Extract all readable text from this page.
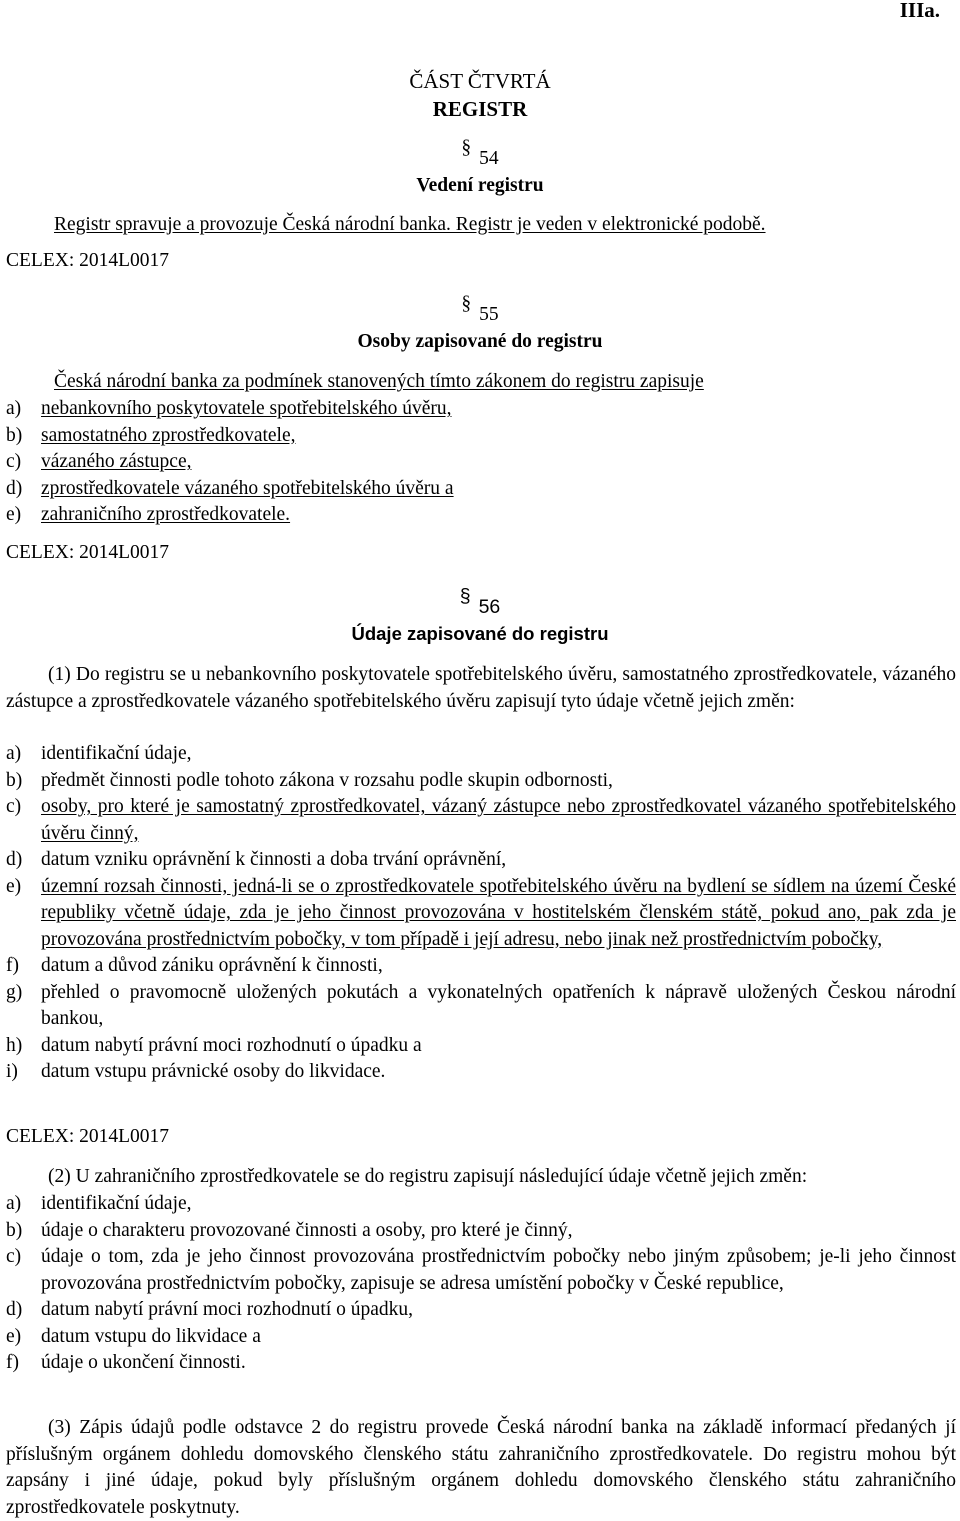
IIIa.
ČÁST ČTVRTÁ
REGISTR
§54
Vedení registru
Registr spravuje a provozuje Česká národní banka. Registr je veden v elektronické podobě.
CELEX: 2014L0017
§55
Osoby zapisované do registru
Česká národní banka za podmínek stanovených tímto zákonem do registru zapisuje
a)	nebankovního poskytovatele spotřebitelského úvěru,
b) samostatného zprostředkovatele,
c)	vázaného zástupce,
d) zprostředkovatele vázaného spotřebitelského úvěru a
e)	zahraničního zprostředkovatele.
CELEX: 2014L0017
§ 56
Údaje zapisované do registru
(1) Do registru se u nebankovního poskytovatele spotřebitelského úvěru, samostatného zprostředkovatele, vázaného zástupce a zprostředkovatele vázaného spotřebitelského úvěru zapisují tyto údaje včetně jejich změn:
a)	identifikační údaje,
b) předmět činnosti podle tohoto zákona v rozsahu podle skupin odbornosti,
c)	osoby, pro které je samostatný zprostředkovatel, vázaný zástupce nebo zprostředkovatel vázaného spotřebitelského úvěru činný,
d) datum vzniku oprávnění k činnosti a doba trvání oprávnění,
e)	územní rozsah činnosti, jedná-li se o zprostředkovatele spotřebitelského úvěru na bydlení se sídlem na území České republiky včetně údaje, zda je jeho činnost provozována v hostitelském členském státě, pokud ano, pak zda je provozována prostřednictvím pobočky, v tom případě i její adresu, nebo jinak než prostřednictvím pobočky,
f)	datum a důvod zániku oprávnění k činnosti,
g) přehled o pravomocně uložených pokutách a vykonatelných opatřeních k nápravě uložených Českou národní bankou,
h) datum nabytí právní moci rozhodnutí o úpadku a
i)	datum vstupu právnické osoby do likvidace.
CELEX: 2014L0017
(2) U zahraničního zprostředkovatele se do registru zapisují následující údaje včetně jejich změn:
a)	identifikační údaje,
b) údaje o charakteru provozované činnosti a osoby, pro které je činný,
c)	údaje o tom, zda je jeho činnost provozována prostřednictvím pobočky nebo jiným způsobem; je-li jeho činnost provozována prostřednictvím pobočky, zapisuje se adresa umístění pobočky v České republice,
d) datum nabytí právní moci rozhodnutí o úpadku,
e)	datum vstupu do likvidace a
f)	údaje o ukončení činnosti.
(3) Zápis údajů podle odstavce 2 do registru provede Česká národní banka na základě informací předaných jí příslušným orgánem dohledu domovského členského státu zahraničního zprostředkovatele. Do registru mohou být zapsány i jiné údaje, pokud byly příslušným orgánem dohledu domovského členského státu zahraničního zprostředkovatele poskytnuty.
